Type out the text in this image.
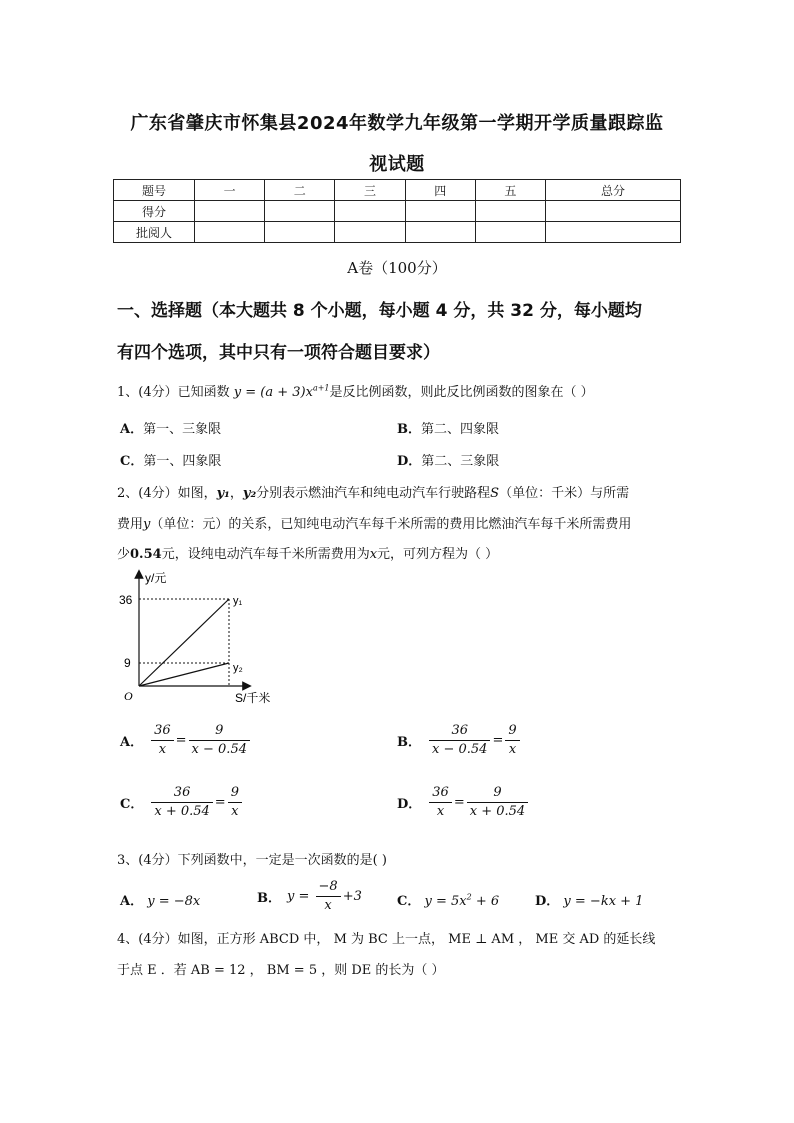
广东省肇庆市怀集县2024年数学九年级第一学期开学质量跟踪监
视试题
题号	一	二	三	四	五	总分
得分						
批阅人						
A卷（100分）
一、选择题（本大题共 8 个小题，每小题 4 分，共 32 分，每小题均
有四个选项，其中只有一项符合题目要求）
1、(4分）已知函数 $y = (a + 3)x^{a+1}$是反比例函数，则此反比例函数的图象在（ ）
A．第一、三象限	B．第二、四象限
C．第一、四象限	D．第二、三象限
2、(4分）如图，y₁，y₂分别表示燃油汽车和纯电动汽车行驶路程S（单位：千米）与所需
费用y（单位：元）的关系，已知纯电动汽车每千米所需的费用比燃油汽车每千米所需费用
少0.54元，设纯电动汽车每千米所需费用为x元，可列方程为（ ）
y/元
36
9
O
y₁
y₂
S/千米
A． $\frac{36}{x} = \frac{9}{x - 0.54}$	B． $\frac{36}{x - 0.54} = \frac{9}{x}$
C． $\frac{36}{x + 0.54} = \frac{9}{x}$	D． $\frac{36}{x} = \frac{9}{x + 0.54}$
3、(4分）下列函数中，一定是一次函数的是( )
A． y = −8x	B． $y = \frac{-8}{x} +3$	C． $y = 5x^2 + 6$	D． y = −kx + 1
4、(4分）如图，正方形 ABCD 中， M 为 BC 上一点， ME ⊥ AM ， ME 交 AD 的延长线
于点 E ．若 AB = 12 ， BM = 5 ，则 DE 的长为（ ）
